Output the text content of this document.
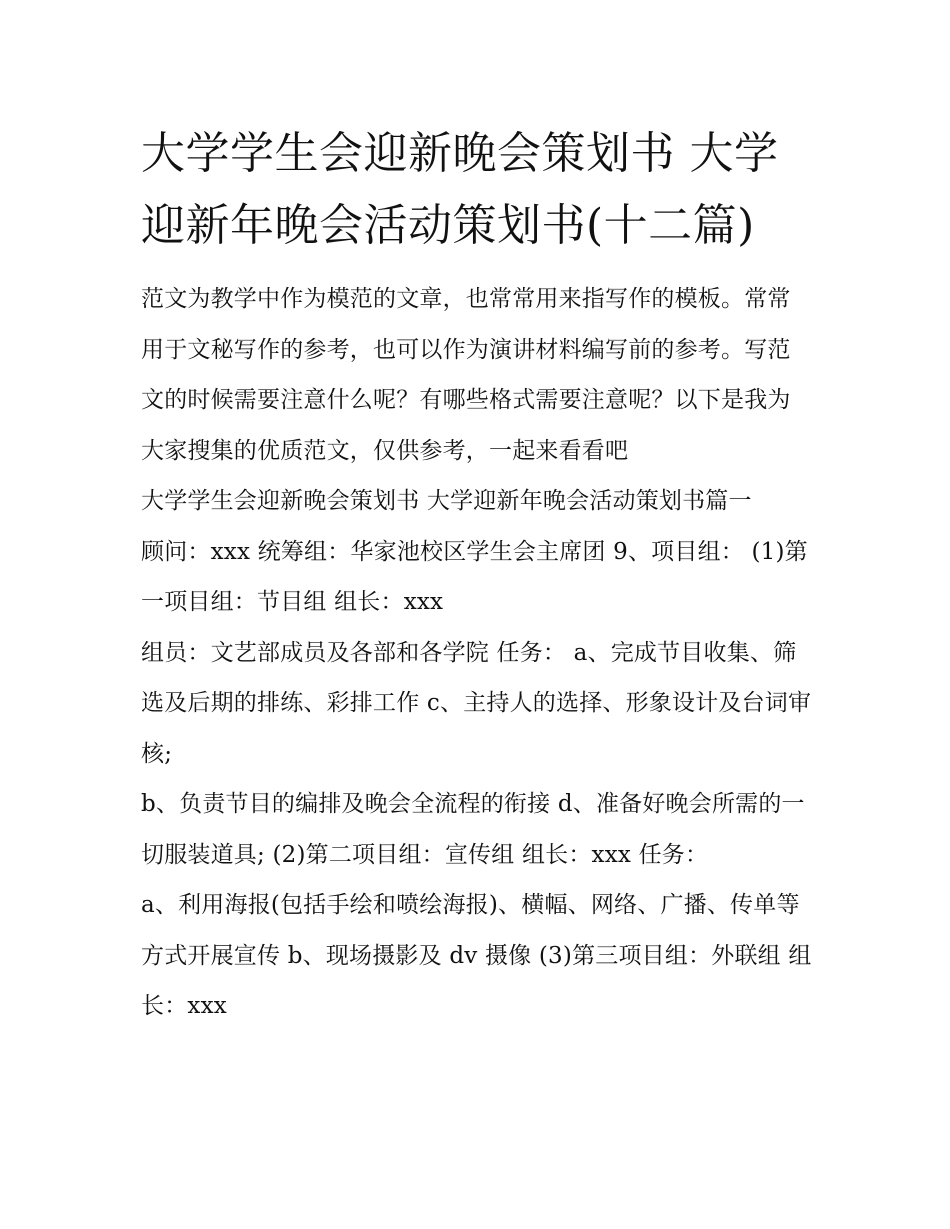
大学学生会迎新晚会策划书 大学迎新年晚会活动策划书(十二篇)

范文为教学中作为模范的文章，也常常用来指写作的模板。常常用于文秘写作的参考，也可以作为演讲材料编写前的参考。写范文的时候需要注意什么呢？有哪些格式需要注意呢？以下是我为大家搜集的优质范文，仅供参考，一起来看看吧

大学学生会迎新晚会策划书 大学迎新年晚会活动策划书篇一

顾问：xxx 统筹组：华家池校区学生会主席团 9、项目组： (1)第一项目组：节目组 组长：xxx

组员：文艺部成员及各部和各学院 任务： a、完成节目收集、筛选及后期的排练、彩排工作 c、主持人的选择、形象设计及台词审核;

b、负责节目的编排及晚会全流程的衔接 d、准备好晚会所需的一切服装道具; (2)第二项目组：宣传组 组长：xxx 任务：

a、利用海报(包括手绘和喷绘海报)、横幅、网络、广播、传单等方式开展宣传 b、现场摄影及 dv 摄像 (3)第三项目组：外联组 组长：xxx
